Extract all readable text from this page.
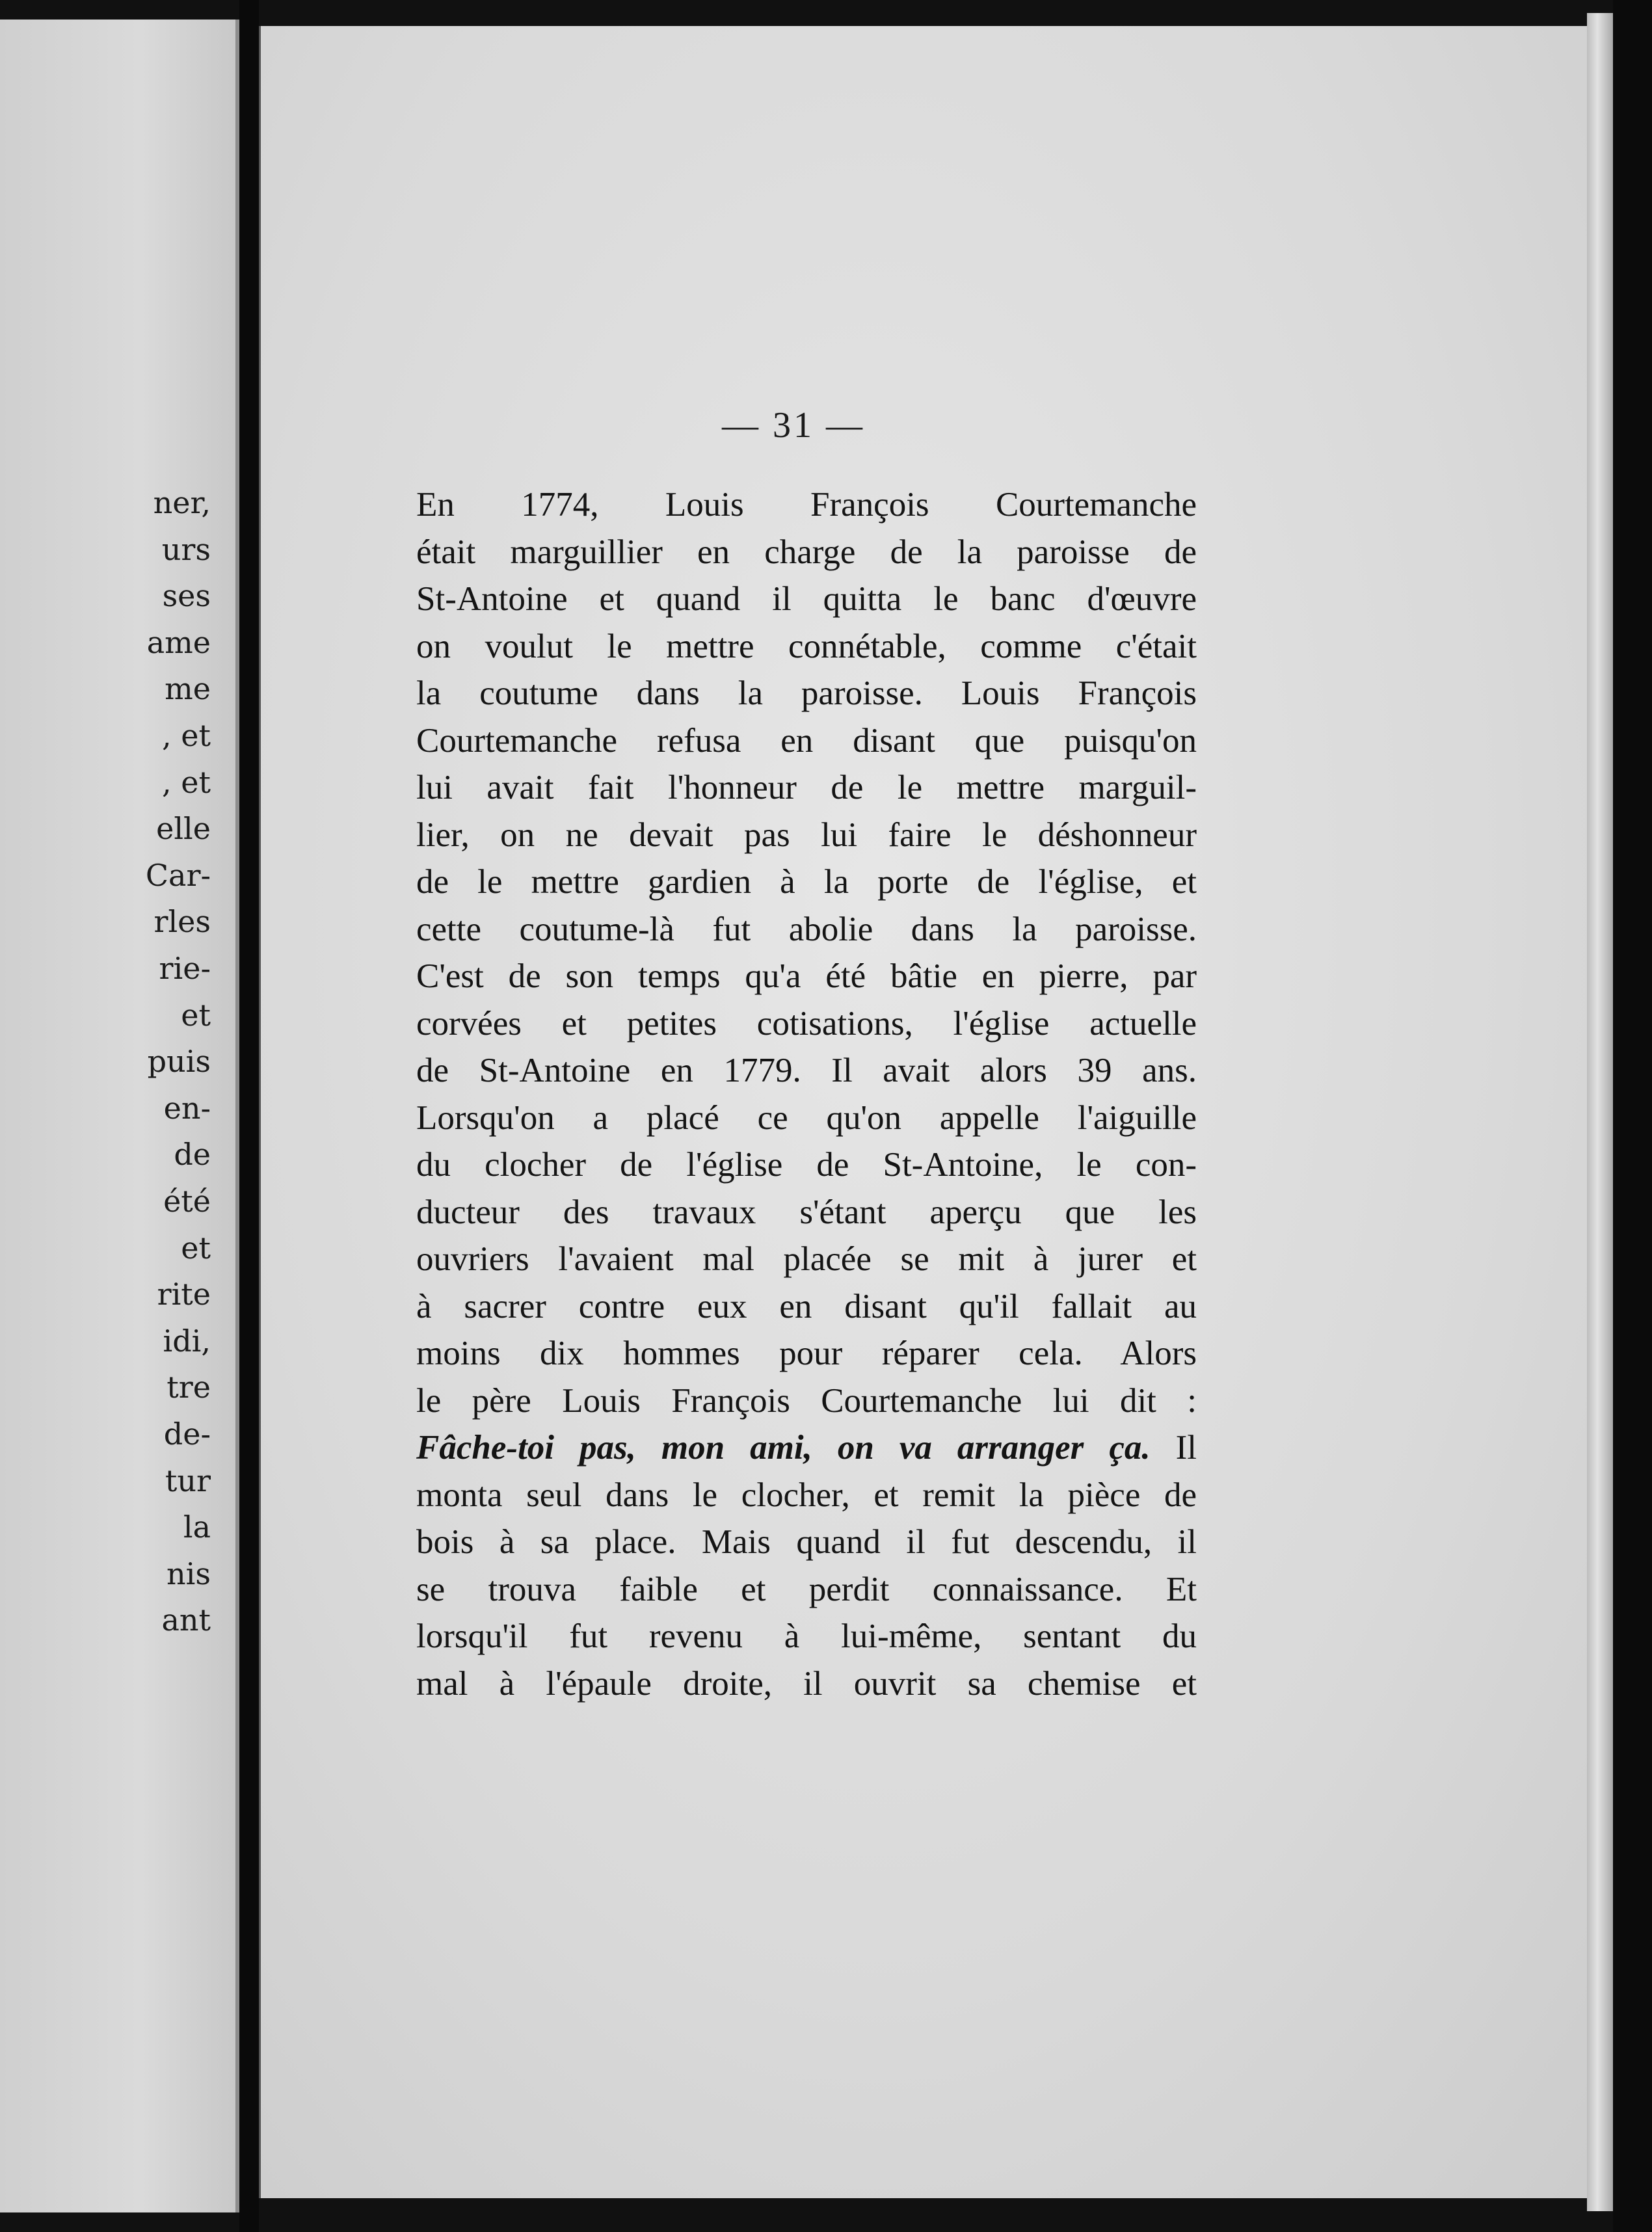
ner,
urs
ses
ame
me
, et
, et
elle
Car-
rles
rie-
et
puis
en-
de
été
et
rite
idi,
tre
de-
tur
la
nis
ant
— 31 —
En 1774, Louis François Courtemanche
était marguillier en charge de la paroisse de
St-Antoine et quand il quitta le banc d'œuvre
on voulut le mettre connétable, comme c'était
la coutume dans la paroisse. Louis François
Courtemanche refusa en disant que puisqu'on
lui avait fait l'honneur de le mettre marguil-
lier, on ne devait pas lui faire le déshonneur
de le mettre gardien à la porte de l'église, et
cette coutume-là fut abolie dans la paroisse.
C'est de son temps qu'a été bâtie en pierre, par
corvées et petites cotisations, l'église actuelle
de St-Antoine en 1779. Il avait alors 39 ans.
Lorsqu'on a placé ce qu'on appelle l'aiguille
du clocher de l'église de St-Antoine, le con-
ducteur des travaux s'étant aperçu que les
ouvriers l'avaient mal placée se mit à jurer et
à sacrer contre eux en disant qu'il fallait au
moins dix hommes pour réparer cela. Alors
le père Louis François Courtemanche lui dit :
Fâche-toi pas, mon ami, on va arranger ça. Il
monta seul dans le clocher, et remit la pièce de
bois à sa place. Mais quand il fut descendu, il
se trouva faible et perdit connaissance. Et
lorsqu'il fut revenu à lui-même, sentant du
mal à l'épaule droite, il ouvrit sa chemise et
